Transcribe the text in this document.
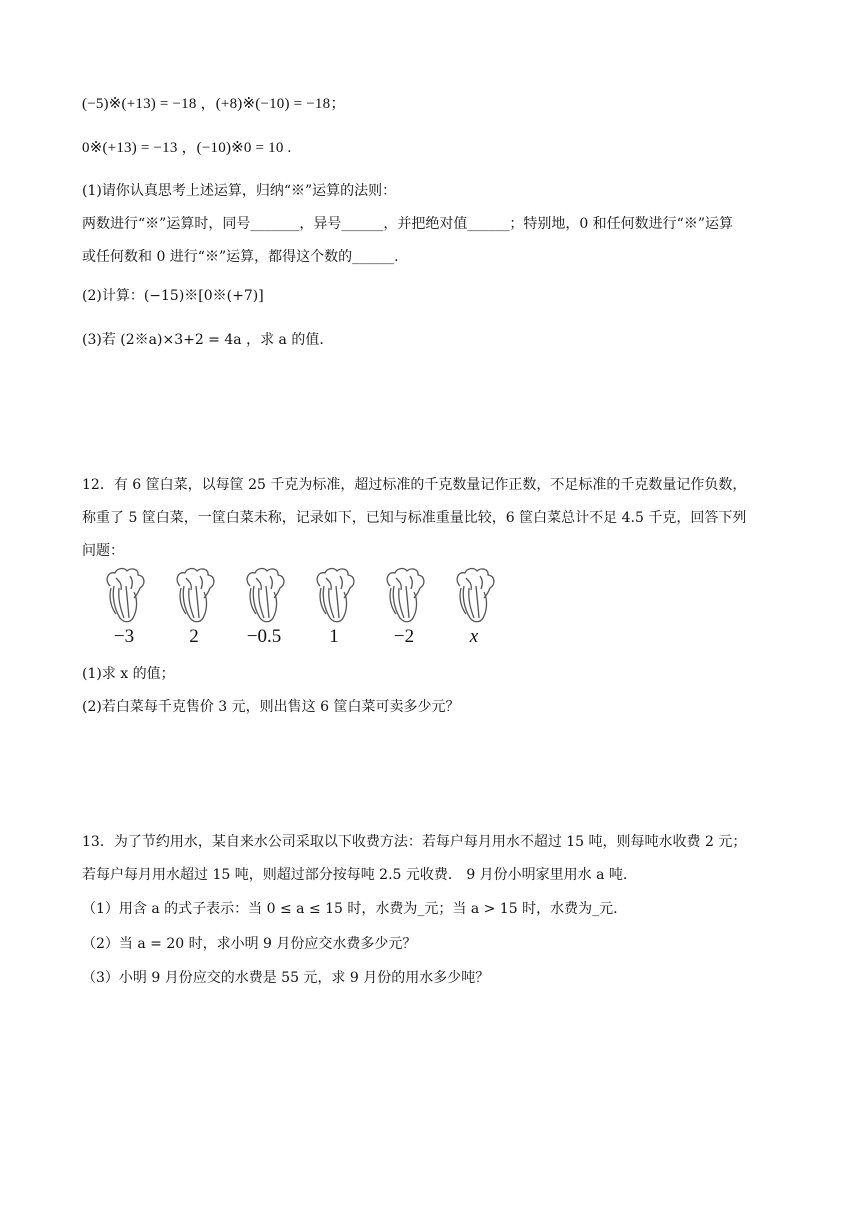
(−5)※(+13) = −18 ，(+8)※(−10) = −18；
0※(+13) = −13 ，(−10)※0 = 10 .
(1)请你认真思考上述运算，归纳“※”运算的法则：
两数进行“※”运算时，同号_______，异号______，并把绝对值______；特别地，0 和任何数进行“※”运算
或任何数和 0 进行“※”运算，都得这个数的______.
(2)计算：(−15)※[0※(+7)]
(3)若 (2※a)×3+2 = 4a ，求 a 的值.
12．有 6 筐白菜，以每筐 25 千克为标准，超过标准的千克数量记作正数，不足标准的千克数量记作负数，
称重了 5 筐白菜，一筐白菜未称，记录如下，已知与标准重量比较，6 筐白菜总计不足 4.5 千克，回答下列
问题：
−3	2	−0.5	1	−2	x
(1)求 x 的值；
(2)若白菜每千克售价 3 元，则出售这 6 筐白菜可卖多少元？
13．为了节约用水，某自来水公司采取以下收费方法：若每户每月用水不超过 15 吨，则每吨水收费 2 元；
若每户每月用水超过 15 吨，则超过部分按每吨 2.5 元收费． 9 月份小明家里用水 a 吨.
（1）用含 a 的式子表示：当 0 ≤ a ≤ 15 时，水费为_元；当 a > 15 时，水费为_元.
（2）当 a = 20 时，求小明 9 月份应交水费多少元？
（3）小明 9 月份应交的水费是 55 元，求 9 月份的用水多少吨？
